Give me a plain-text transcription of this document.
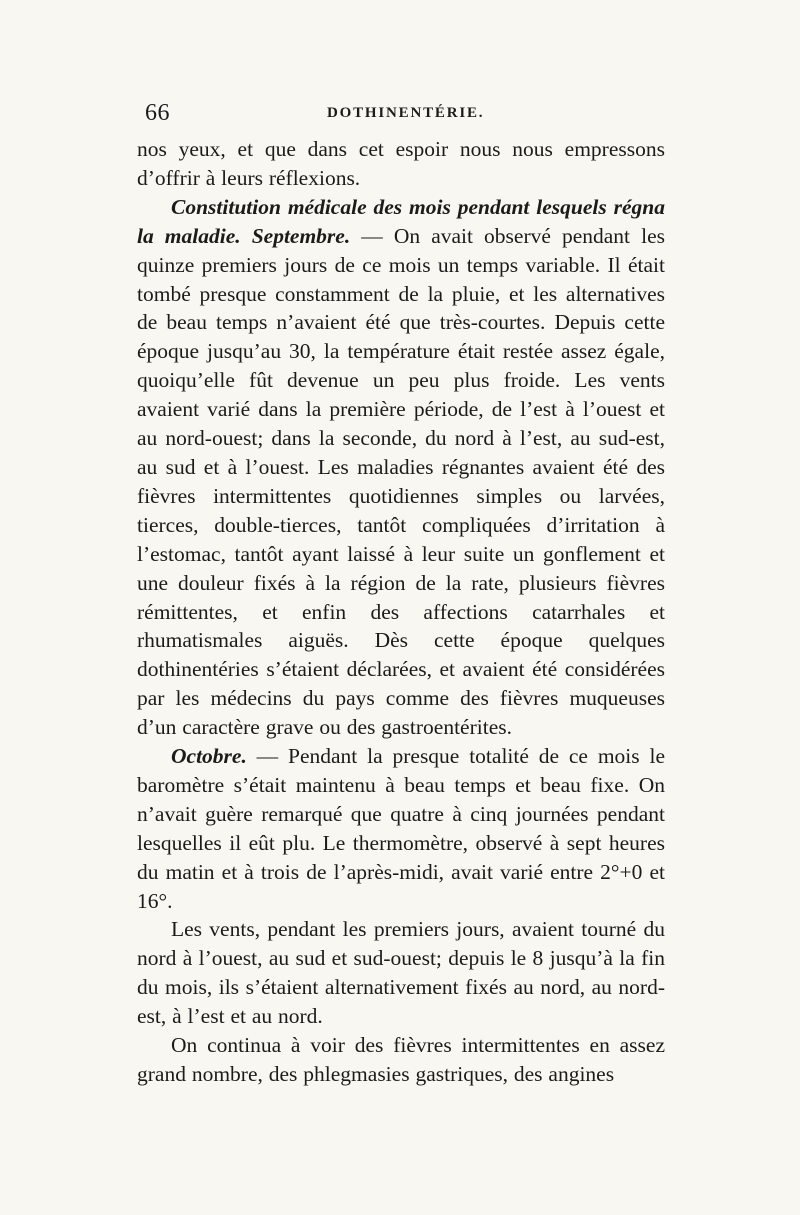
66	DOTHINENTÉRIE.

nos yeux, et que dans cet espoir nous nous empressons d’offrir à leurs réflexions.

Constitution médicale des mois pendant lesquels régna la maladie. Septembre. — On avait observé pendant les quinze premiers jours de ce mois un temps variable. Il était tombé presque constamment de la pluie, et les alternatives de beau temps n’avaient été que très-courtes. Depuis cette époque jusqu’au 30, la température était restée assez égale, quoiqu’elle fût devenue un peu plus froide. Les vents avaient varié dans la première période, de l’est à l’ouest et au nord-ouest; dans la seconde, du nord à l’est, au sud-est, au sud et à l’ouest. Les maladies régnantes avaient été des fièvres intermittentes quotidiennes simples ou larvées, tierces, double-tierces, tantôt compliquées d’irritation à l’estomac, tantôt ayant laissé à leur suite un gonflement et une douleur fixés à la région de la rate, plusieurs fièvres rémittentes, et enfin des affections catarrhales et rhumatismales aiguës. Dès cette époque quelques dothinentéries s’étaient déclarées, et avaient été considérées par les médecins du pays comme des fièvres muqueuses d’un caractère grave ou des gastroentérites.

Octobre. — Pendant la presque totalité de ce mois le baromètre s’était maintenu à beau temps et beau fixe. On n’avait guère remarqué que quatre à cinq journées pendant lesquelles il eût plu. Le thermomètre, observé à sept heures du matin et à trois de l’après-midi, avait varié entre 2°+0 et 16°.

Les vents, pendant les premiers jours, avaient tourné du nord à l’ouest, au sud et sud-ouest; depuis le 8 jusqu’à la fin du mois, ils s’étaient alternativement fixés au nord, au nord-est, à l’est et au nord.

On continua à voir des fièvres intermittentes en assez grand nombre, des phlegmasies gastriques, des angines
